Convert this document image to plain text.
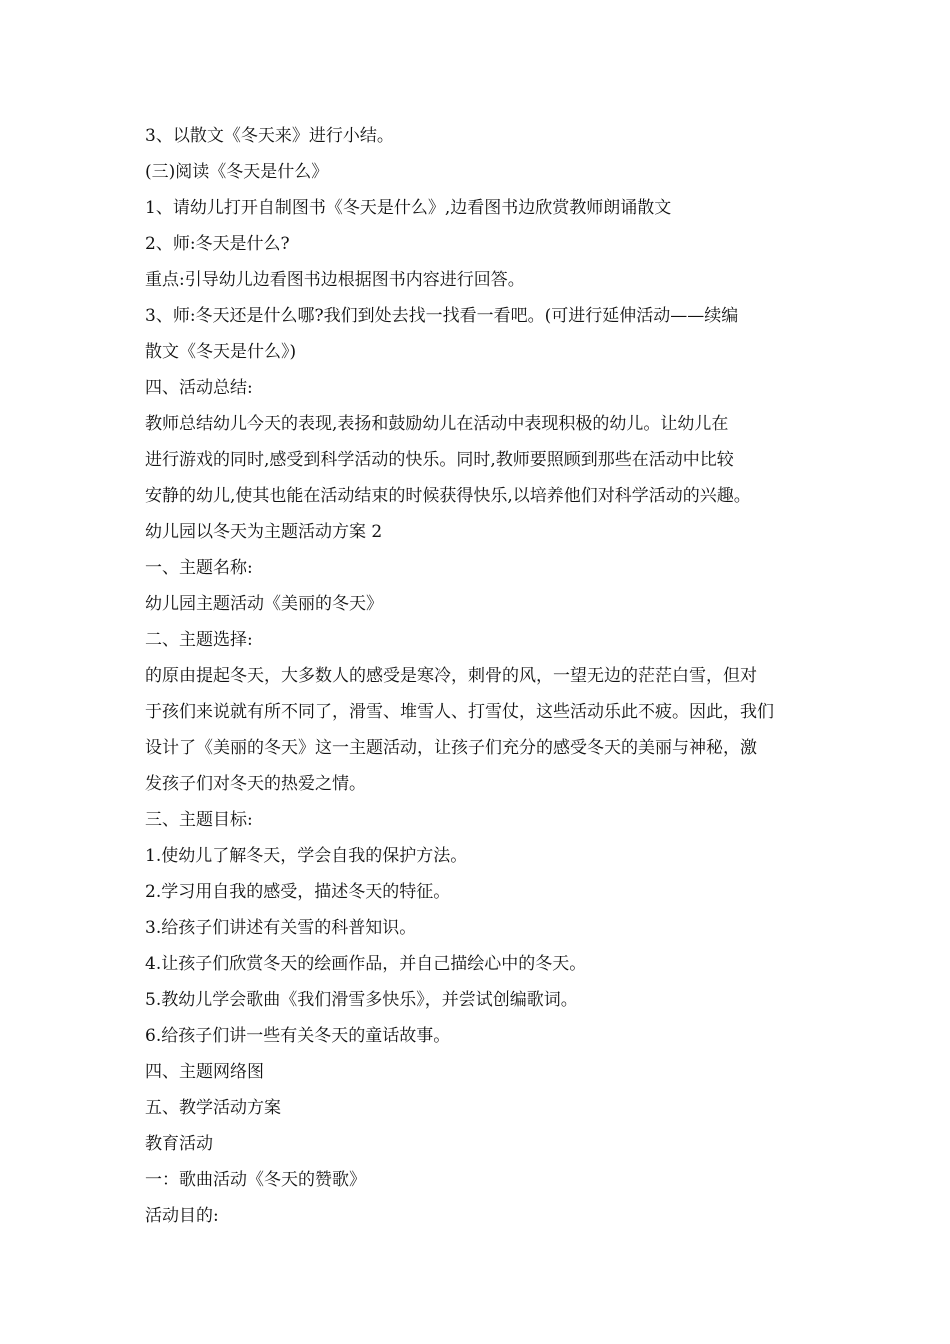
3、以散文《冬天来》进行小结。
(三)阅读《冬天是什么》
1、请幼儿打开自制图书《冬天是什么》,边看图书边欣赏教师朗诵散文
2、师:冬天是什么?
重点:引导幼儿边看图书边根据图书内容进行回答。
3、师:冬天还是什么哪?我们到处去找一找看一看吧。(可进行延伸活动——续编
散文《冬天是什么》)
四、活动总结:
教师总结幼儿今天的表现,表扬和鼓励幼儿在活动中表现积极的幼儿。让幼儿在
进行游戏的同时,感受到科学活动的快乐。同时,教师要照顾到那些在活动中比较
安静的幼儿,使其也能在活动结束的时候获得快乐,以培养他们对科学活动的兴趣。
幼儿园以冬天为主题活动方案 2
一、主题名称:
幼儿园主题活动《美丽的冬天》
二、主题选择:
的原由提起冬天，大多数人的感受是寒冷，刺骨的风，一望无边的茫茫白雪，但对
于孩们来说就有所不同了，滑雪、堆雪人、打雪仗，这些活动乐此不疲。因此，我们
设计了《美丽的冬天》这一主题活动，让孩子们充分的感受冬天的美丽与神秘，激
发孩子们对冬天的热爱之情。
三、主题目标:
1.使幼儿了解冬天，学会自我的保护方法。
2.学习用自我的感受，描述冬天的特征。
3.给孩子们讲述有关雪的科普知识。
4.让孩子们欣赏冬天的绘画作品，并自己描绘心中的冬天。
5.教幼儿学会歌曲《我们滑雪多快乐》，并尝试创编歌词。
6.给孩子们讲一些有关冬天的童话故事。
四、主题网络图
五、教学活动方案
教育活动
一：歌曲活动《冬天的赞歌》
活动目的:
